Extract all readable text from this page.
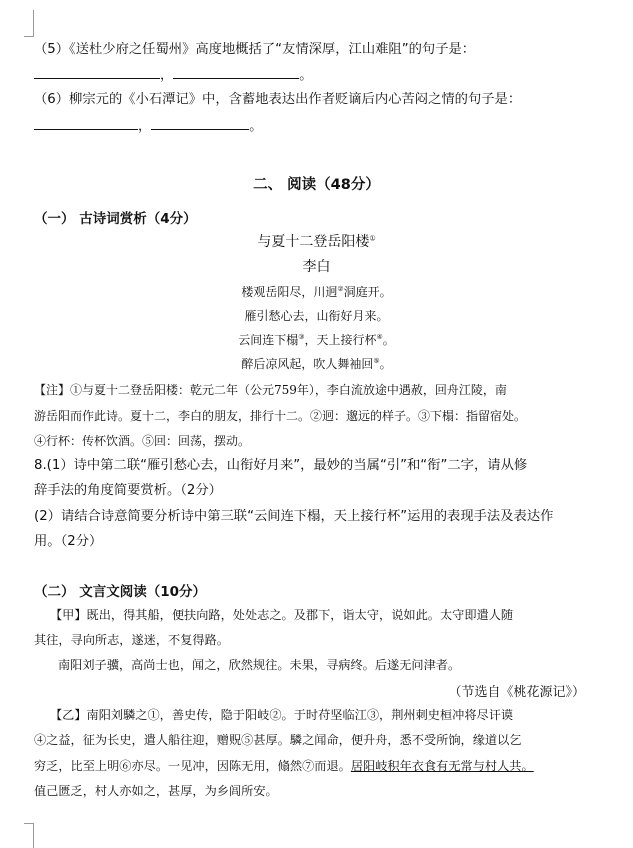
（5）《送杜少府之任蜀州》高度地概括了“友情深厚，江山难阻”的句子是：
，	。
（6）柳宗元的《小石潭记》中，含蓄地表达出作者贬谪后内心苦闷之情的句子是：
，	。
二、 阅读（48分）
（一） 古诗词赏析（4分）
与夏十二登岳阳楼①
李白
楼观岳阳尽，川迥②洞庭开。
雁引愁心去，山衔好月来。
云间连下榻③，天上接行杯④。
醉后凉风起，吹人舞袖回⑤。
【注】①与夏十二登岳阳楼：乾元二年（公元759年），李白流放途中遇赦，回舟江陵，南
游岳阳而作此诗。夏十二，李白的朋友，排行十二。②迥：邈远的样子。③下榻：指留宿处。
④行杯：传杯饮酒。⑤回：回荡，摆动。
8.(1）诗中第二联“雁引愁心去，山衔好月来”，最妙的当属“引”和“衔”二字，请从修
辞手法的角度简要赏析。（2分）
(2）请结合诗意简要分析诗中第三联“云间连下榻，天上接行杯”运用的表现手法及表达作
用。（2分）
（二） 文言文阅读（10分）
【甲】既出，得其船，便扶向路，处处志之。及郡下，诣太守，说如此。太守即遣人随
其往，寻向所志，遂迷，不复得路。
南阳刘子骥，高尚士也，闻之，欣然规往。未果，寻病终。后遂无问津者。
（节选自《桃花源记》）
【乙】南阳刘驎之①，善史传，隐于阳岐②。于时苻坚临江③，荆州刺史桓冲将尽讦谟
④之益，征为长史，遣人船往迎，赠贶⑤甚厚。驎之闻命，便升舟，悉不受所饷，缘道以乞
穷乏，比至上明⑥亦尽。一见冲，因陈无用，翛然⑦而退。居阳岐积年衣食有无常与村人共。
值己匮乏，村人亦如之，甚厚，为乡闾所安。
